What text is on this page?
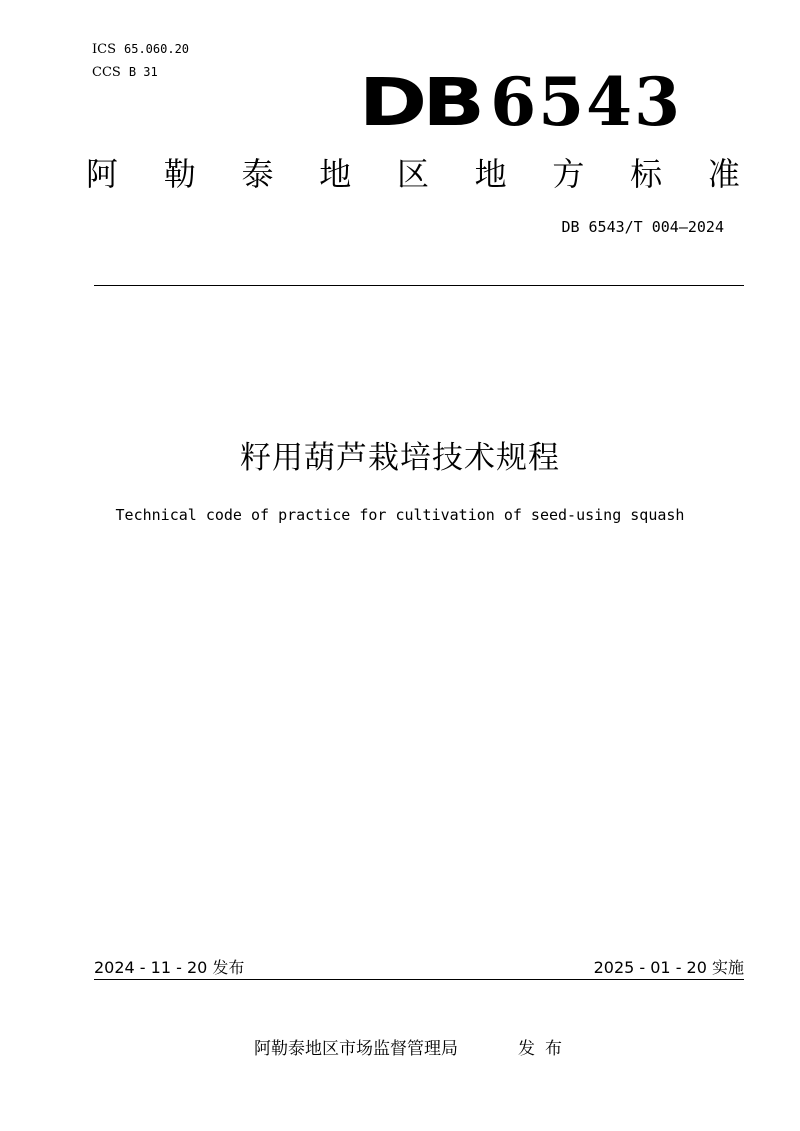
ICS 65.060.20
CCS B 31	DB 6543
阿 勒 泰 地 区 地 方 标 准
DB 6543/T 004—2024
籽用葫芦栽培技术规程
Technical code of practice for cultivation of seed-using squash
2024 - 11 - 20 发布	2025 - 01 - 20 实施
阿勒泰地区市场监督管理局	发布
